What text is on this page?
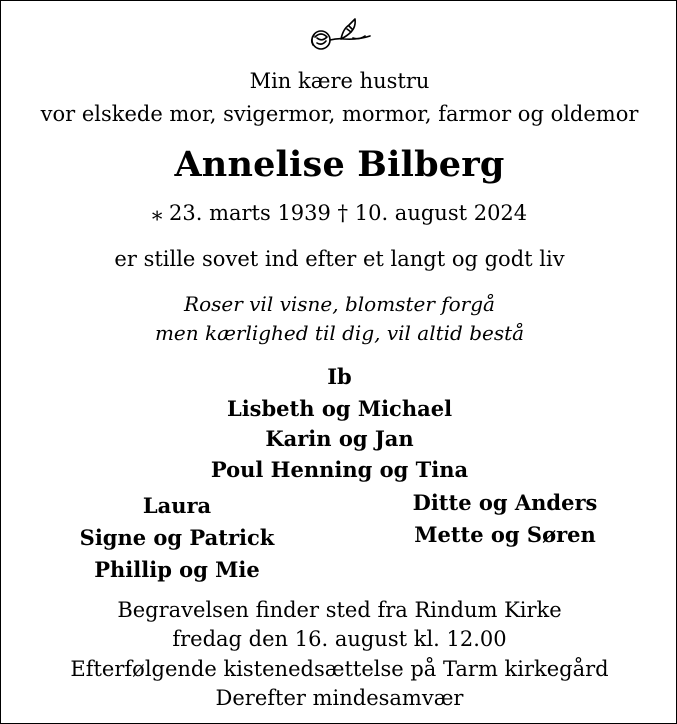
Min kære hustru
vor elskede mor, svigermor, mormor, farmor og oldemor
Annelise Bilberg
⁎ 23. marts 1939 † 10. august 2024
er stille sovet ind efter et langt og godt liv
Roser vil visne, blomster forgå
men kærlighed til dig, vil altid bestå
Ib
Lisbeth og Michael
Karin og Jan
Poul Henning og Tina
Laura
Signe og Patrick
Phillip og Mie
Ditte og Anders
Mette og Søren
Begravelsen finder sted fra Rindum Kirke
fredag den 16. august kl. 12.00
Efterfølgende kistenedsættelse på Tarm kirkegård
Derefter mindesamvær
